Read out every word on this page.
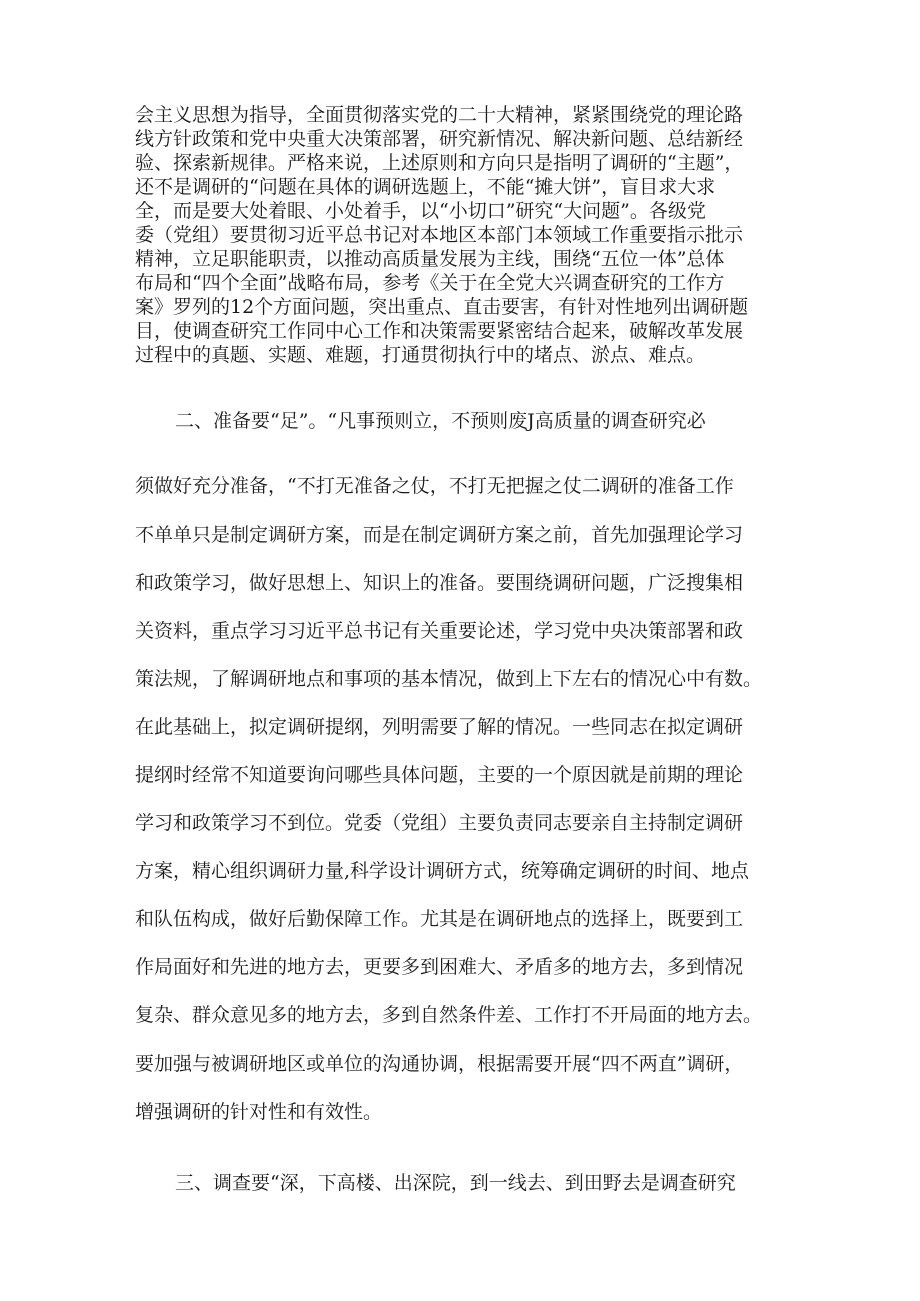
会主义思想为指导，全面贯彻落实党的二十大精神，紧紧围绕党的理论路
线方针政策和党中央重大决策部署，研究新情况、解决新问题、总结新经
验、探索新规律。严格来说，上述原则和方向只是指明了调研的“主题”，
还不是调研的“问题在具体的调研选题上，不能“摊大饼”，盲目求大求
全，而是要大处着眼、小处着手，以“小切口”研究“大问题”。各级党
委（党组）要贯彻习近平总书记对本地区本部门本领域工作重要指示批示
精神，立足职能职责，以推动高质量发展为主线，围绕“五位一体”总体
布局和“四个全面”战略布局，参考《关于在全党大兴调查研究的工作方
案》罗列的12个方面问题，突出重点、直击要害，有针对性地列出调研题
目，使调查研究工作同中心工作和决策需要紧密结合起来，破解改革发展
过程中的真题、实题、难题，打通贯彻执行中的堵点、淤点、难点。
二、准备要“足”。“凡事预则立，不预则废J高质量的调查研究必
须做好充分准备，“不打无准备之仗，不打无把握之仗二调研的准备工作
不单单只是制定调研方案，而是在制定调研方案之前，首先加强理论学习
和政策学习，做好思想上、知识上的准备。要围绕调研问题，广泛搜集相
关资料，重点学习习近平总书记有关重要论述，学习党中央决策部署和政
策法规，了解调研地点和事项的基本情况，做到上下左右的情况心中有数。
在此基础上，拟定调研提纲，列明需要了解的情况。一些同志在拟定调研
提纲时经常不知道要询问哪些具体问题，主要的一个原因就是前期的理论
学习和政策学习不到位。党委（党组）主要负责同志要亲自主持制定调研
方案，精心组织调研力量,科学设计调研方式，统筹确定调研的时间、地点
和队伍构成，做好后勤保障工作。尤其是在调研地点的选择上，既要到工
作局面好和先进的地方去，更要多到困难大、矛盾多的地方去，多到情况
复杂、群众意见多的地方去，多到自然条件差、工作打不开局面的地方去。
要加强与被调研地区或单位的沟通协调，根据需要开展“四不两直”调研，
增强调研的针对性和有效性。
三、调查要“深，下高楼、出深院，到一线去、到田野去是调查研究
